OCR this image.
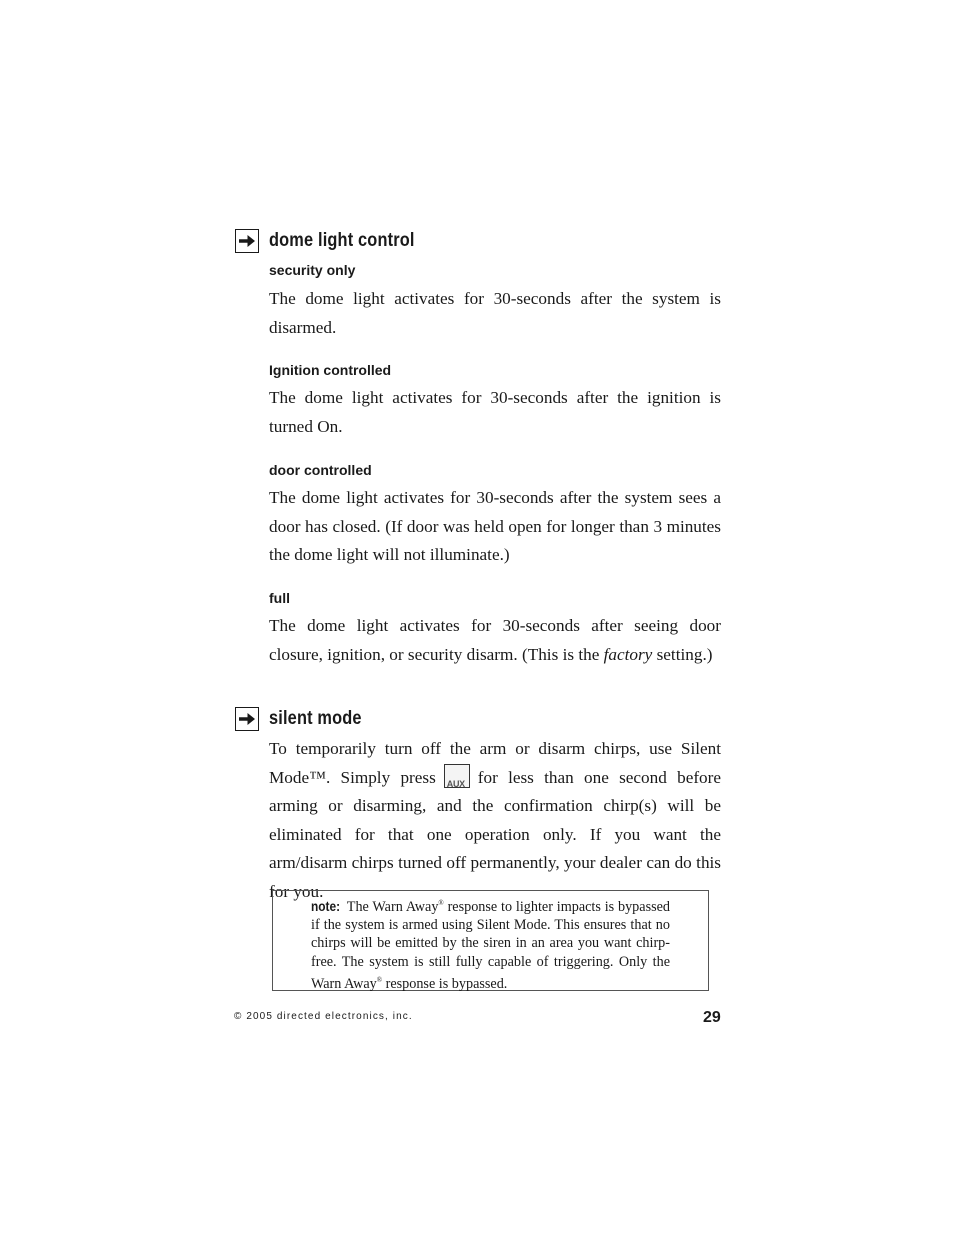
dome light control
security only
The dome light activates for 30-seconds after the system is disarmed.
Ignition controlled
The dome light activates for 30-seconds after the ignition is turned On.
door controlled
The dome light activates for 30-seconds after the system sees a door has closed. (If door was held open for longer than 3 minutes the dome light will not illuminate.)
full
The dome light activates for 30-seconds after seeing door closure, ignition, or security disarm. (This is the factory setting.)
silent mode
To temporarily turn off the arm or disarm chirps, use Silent Mode™. Simply press AUX for less than one second before arming or disarming, and the confirmation chirp(s) will be eliminated for that one operation only. If you want the arm/disarm chirps turned off permanently, your dealer can do this for you.
note: The Warn Away® response to lighter impacts is bypassed if the system is armed using Silent Mode. This ensures that no chirps will be emitted by the siren in an area you want chirp-free. The system is still fully capable of triggering. Only the Warn Away® response is bypassed.
© 2005 directed electronics, inc.	29
